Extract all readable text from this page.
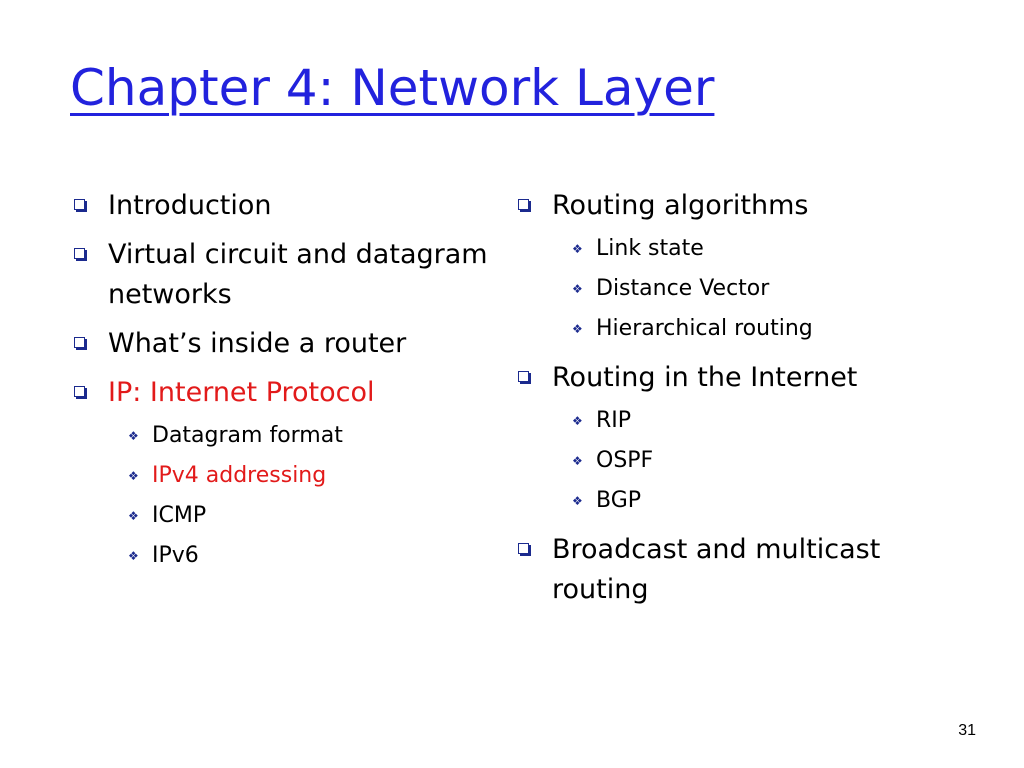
Chapter 4: Network Layer
Introduction
Virtual circuit and datagram networks
What’s inside a router
IP: Internet Protocol
❖ Datagram format
❖ IPv4 addressing
❖ ICMP
❖ IPv6
Routing algorithms
❖ Link state
❖ Distance Vector
❖ Hierarchical routing
Routing in the Internet
❖ RIP
❖ OSPF
❖ BGP
Broadcast and multicast routing
31
